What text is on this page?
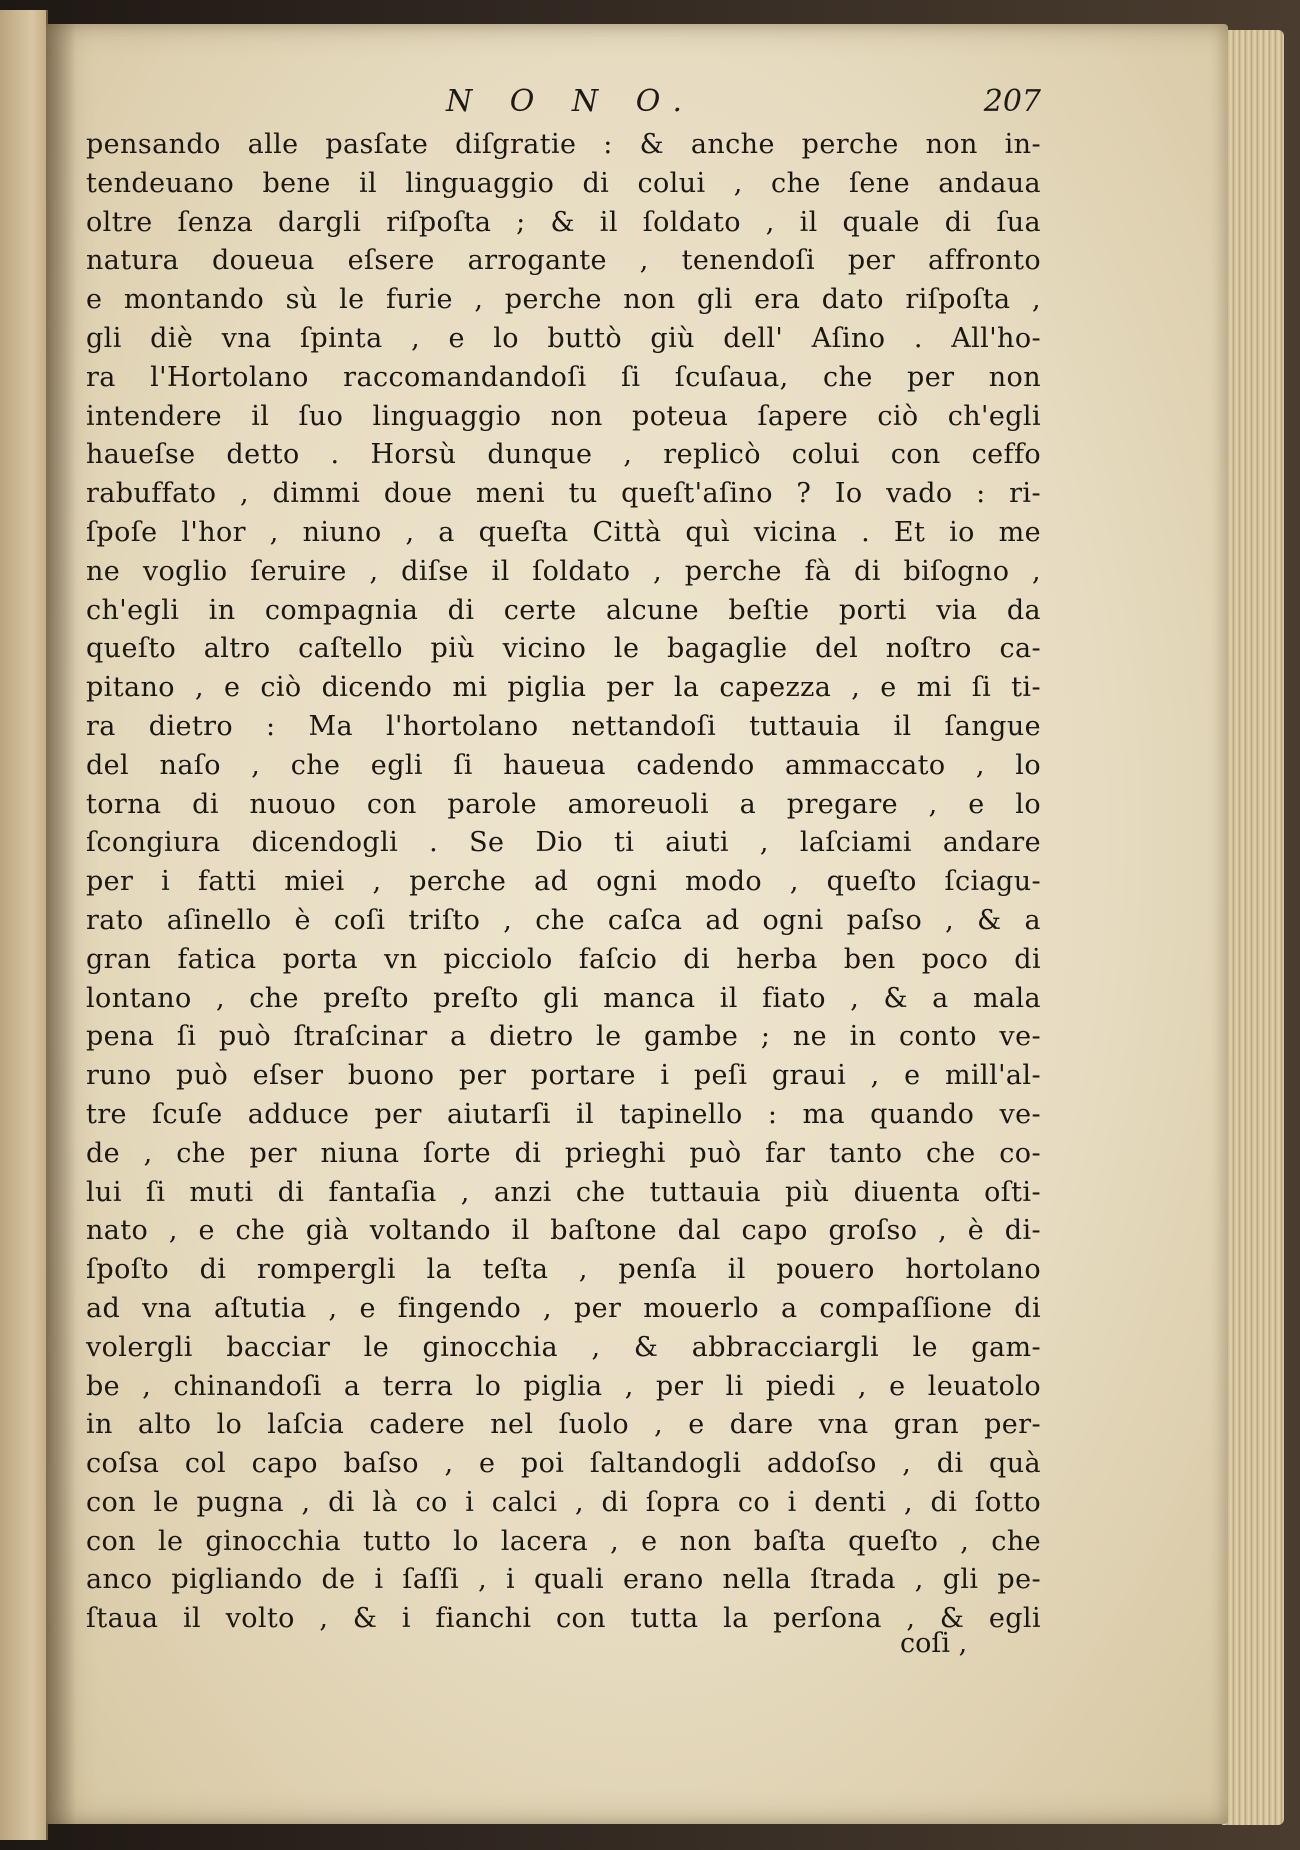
N O N O.	207
pensando alle pasſate diſgratie : & anche perche non in-
tendeuano bene il linguaggio di colui , che ſene andaua
oltre ſenza dargli riſpoſta ; & il ſoldato , il quale di ſua
natura doueua eſsere arrogante , tenendoſi per affronto
e montando sù le furie , perche non gli era dato riſpoſta ,
gli diè vna ſpinta , e lo buttò giù dell' Aſino . All'ho-
ra l'Hortolano raccomandandoſi ſi ſcuſaua, che per non
intendere il ſuo linguaggio non poteua ſapere ciò ch'egli
haueſse detto . Horsù dunque , replicò colui con ceffo
rabuffato , dimmi doue meni tu queſt'aſino ? Io vado : ri-
ſpoſe l'hor , niuno , a queſta Città quì vicina . Et io me
ne voglio ſeruire , diſse il ſoldato , perche fà di biſogno ,
ch'egli in compagnia di certe alcune beſtie porti via da
queſto altro caſtello più vicino le bagaglie del noſtro ca-
pitano , e ciò dicendo mi piglia per la capezza , e mi ſi ti-
ra dietro : Ma l'hortolano nettandoſi tuttauia il ſangue
del naſo , che egli ſi haueua cadendo ammaccato , lo
torna di nuouo con parole amoreuoli a pregare , e lo
ſcongiura dicendogli . Se Dio ti aiuti , laſciami andare
per i fatti miei , perche ad ogni modo , queſto ſciagu-
rato aſinello è coſi triſto , che caſca ad ogni paſso , & a
gran fatica porta vn picciolo faſcio di herba ben poco di
lontano , che preſto preſto gli manca il fiato , & a mala
pena ſi può ſtraſcinar a dietro le gambe ; ne in conto ve-
runo può eſser buono per portare i peſi graui , e mill'al-
tre ſcuſe adduce per aiutarſi il tapinello : ma quando ve-
de , che per niuna ſorte di prieghi può far tanto che co-
lui ſi muti di fantaſia , anzi che tuttauia più diuenta oſti-
nato , e che già voltando il baſtone dal capo groſso , è di-
ſpoſto di rompergli la teſta , penſa il pouero hortolano
ad vna aſtutia , e fingendo , per mouerlo a compaſſione di
volergli bacciar le ginocchia , & abbracciargli le gam-
be , chinandoſi a terra lo piglia , per li piedi , e leuatolo
in alto lo laſcia cadere nel ſuolo , e dare vna gran per-
coſsa col capo baſso , e poi ſaltandogli addoſso , di quà
con le pugna , di là co i calci , di ſopra co i denti , di ſotto
con le ginocchia tutto lo lacera , e non baſta queſto , che
anco pigliando de i ſaſſi , i quali erano nella ſtrada , gli pe-
ſtaua il volto , & i fianchi con tutta la perſona , & egli
coſi ,
